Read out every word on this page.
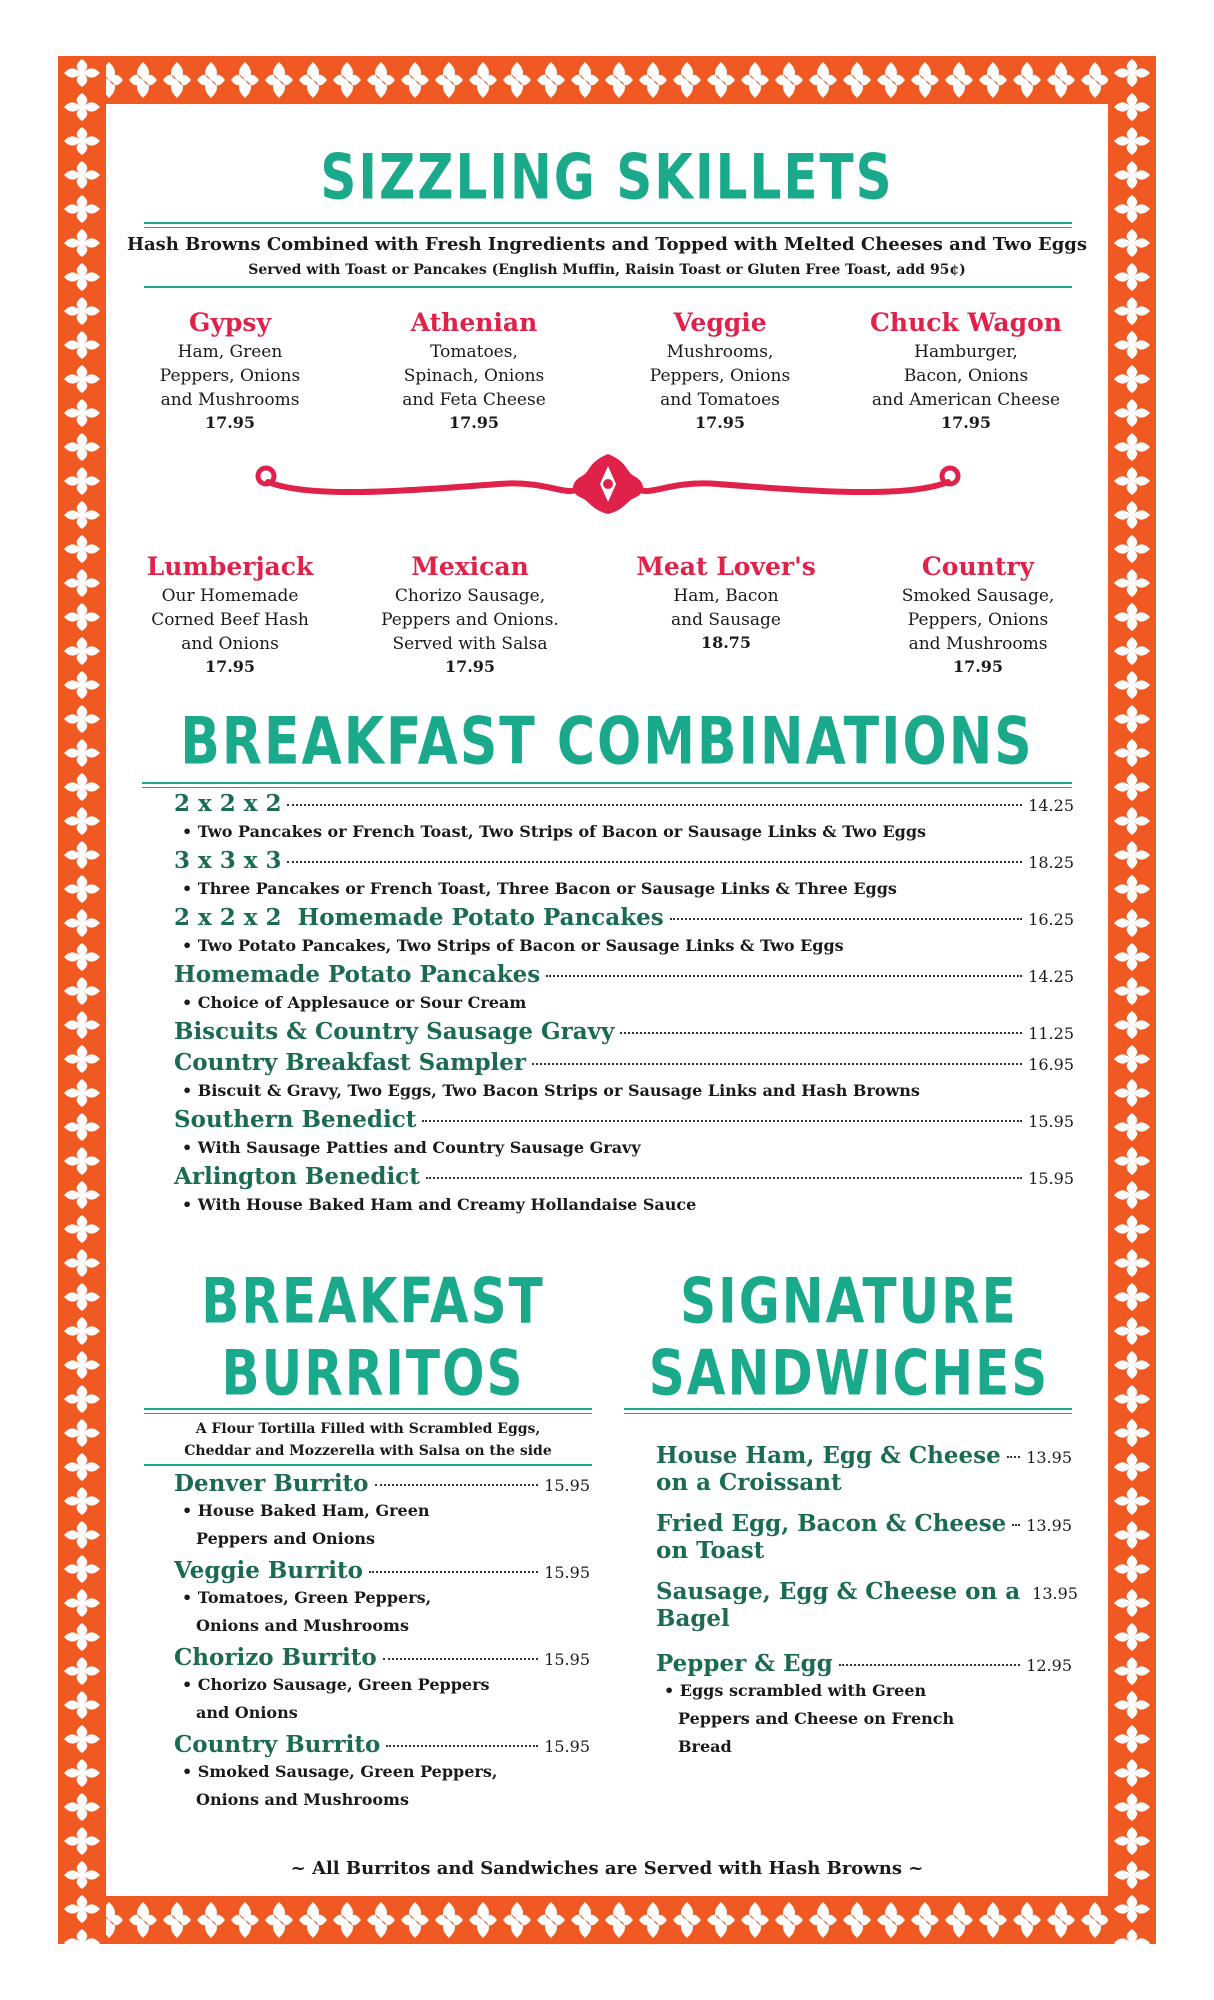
SIZZLING SKILLETS
Hash Browns Combined with Fresh Ingredients and Topped with Melted Cheeses and Two Eggs
Served with Toast or Pancakes (English Muffin, Raisin Toast or Gluten Free Toast, add 95¢)
Gypsy
Ham, Green
Peppers, Onions
and Mushrooms
17.95
Athenian
Tomatoes,
Spinach, Onions
and Feta Cheese
17.95
Veggie
Mushrooms,
Peppers, Onions
and Tomatoes
17.95
Chuck Wagon
Hamburger,
Bacon, Onions
and American Cheese
17.95
Lumberjack
Our Homemade
Corned Beef Hash
and Onions
17.95
Mexican
Chorizo Sausage,
Peppers and Onions.
Served with Salsa
17.95
Meat Lover's
Ham, Bacon
and Sausage
18.75
Country
Smoked Sausage,
Peppers, Onions
and Mushrooms
17.95
BREAKFAST COMBINATIONS
2 x 2 x 2	14.25
• Two Pancakes or French Toast, Two Strips of Bacon or Sausage Links & Two Eggs
3 x 3 x 3	18.25
• Three Pancakes or French Toast, Three Bacon or Sausage Links & Three Eggs
2 x 2 x 2  Homemade Potato Pancakes	16.25
• Two Potato Pancakes, Two Strips of Bacon or Sausage Links & Two Eggs
Homemade Potato Pancakes	14.25
• Choice of Applesauce or Sour Cream
Biscuits & Country Sausage Gravy	11.25
Country Breakfast Sampler	16.95
• Biscuit & Gravy, Two Eggs, Two Bacon Strips or Sausage Links and Hash Browns
Southern Benedict	15.95
• With Sausage Patties and Country Sausage Gravy
Arlington Benedict	15.95
• With House Baked Ham and Creamy Hollandaise Sauce
BREAKFAST
BURRITOS
A Flour Tortilla Filled with Scrambled Eggs,
Cheddar and Mozzerella with Salsa on the side
Denver Burrito	15.95
• House Baked Ham, Green
Peppers and Onions
Veggie Burrito	15.95
• Tomatoes, Green Peppers,
Onions and Mushrooms
Chorizo Burrito	15.95
• Chorizo Sausage, Green Peppers
and Onions
Country Burrito	15.95
• Smoked Sausage, Green Peppers,
Onions and Mushrooms
SIGNATURE
SANDWICHES
House Ham, Egg & Cheese 13.95
on a Croissant
Fried Egg, Bacon & Cheese 13.95
on Toast
Sausage, Egg & Cheese on a 13.95
Bagel
Pepper & Egg	12.95
• Eggs scrambled with Green
Peppers and Cheese on French
Bread
~ All Burritos and Sandwiches are Served with Hash Browns ~
